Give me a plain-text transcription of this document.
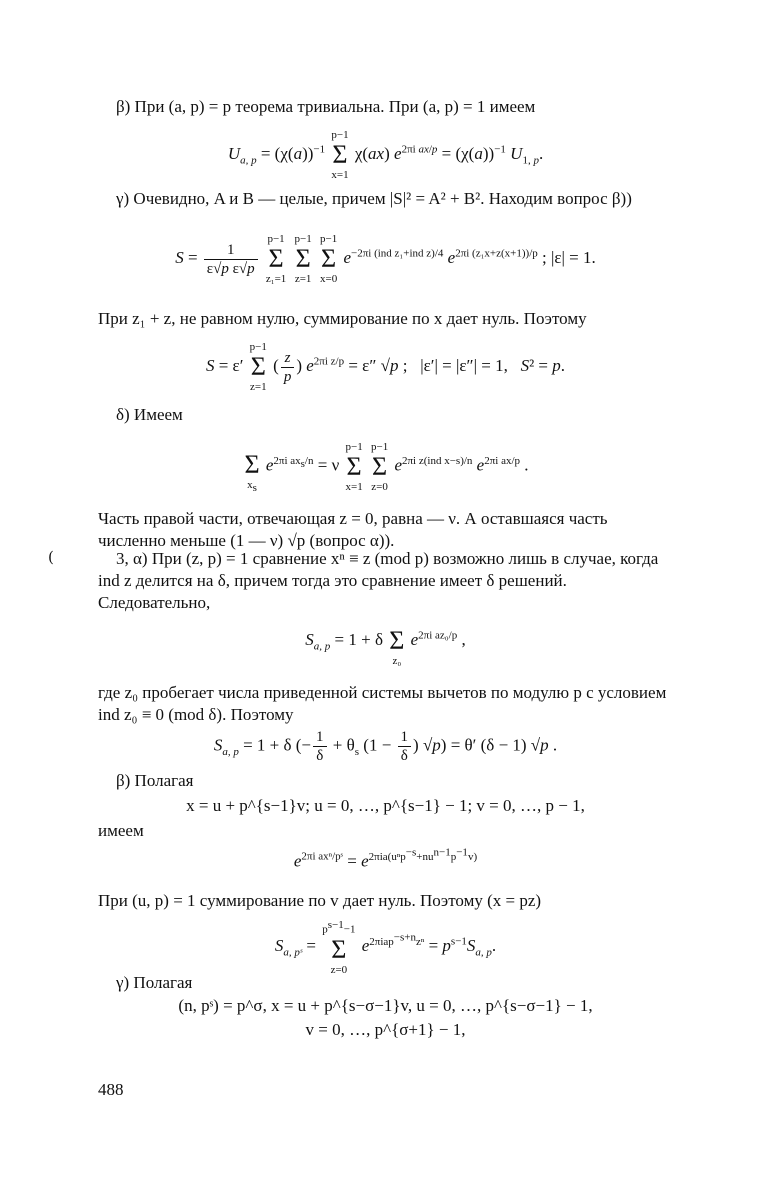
β) При (a, p) = p теорема тривиальна. При (a, p) = 1 имеем

$U_{a, p} = (\chi(a))^{-1}$
p−1
Σ
x=1
χ(ax) $e^{2\pi i ax/p} = (\chi(a))^{-1}$ $U_{1, p}$.

γ) Очевидно, A и B — целые, причем |S|² = A² + B². Находим вопрос β))

$S = \frac{1}{\text{ε√p ε√p}}$

p−1
Σ
z₁=1

p−1
Σ
z=1

p−1
Σ
x=0
$e^{-2\pi i (ind z_1+ind z)/4}$ $e^{2\pi i (z_1x+z(x+1))/p}$ ; |ε| = 1.

При z₁ + z, не равном нулю, суммирование по x дает нуль. Поэтому

S = ε′
p−1
Σ
z=1
( $\frac{z}{p}$ ) $e^{2\pi i z/p} = \varepsilon''$ √p ;   |ε′| = |ε″| = 1,   S² = p.

δ) Имеем

Σ
$x_s$
$e^{2\pi i ax_s/n} = \nu$
p−1
Σ
x=1

p−1
Σ
z=0
$e^{2\pi i z(ind x-s)/n}$ $e^{2\pi i ax/p}$ .

Часть правой части, отвечающая z = 0, равна — ν. А оставшаяся часть численно меньше (1 — ν) √p (вопрос α)).

(	3, α) При (z, p) = 1 сравнение xⁿ ≡ z (mod p) возможно лишь в случае, когда ind z делится на δ, причем тогда это сравнение имеет δ решений. Следовательно,

$S_{a, p} = 1 + \delta$
Σ
z₀
$e^{2\pi i az_0/p}$ ,

где z₀ пробегает числа приведенной системы вычетов по модулю p с условием ind z₀ ≡ 0 (mod δ). Поэтому

$S_{a, p} = 1 + \delta$ (− $\frac{1}{\delta} + \theta_s$ ($1 - \frac{1}{\delta}$ ) √p) = θ′ (δ − 1) √p .

β) Полагая

x = u + p^{s−1}v; u = 0, …, p^{s−1} − 1; v = 0, …, p − 1,

имеем

$e^{2\pi i ax^n/pˢ} = e^{2\pi ia(u^np^{-s}+nu^{n-1}p^{-1}v)}$

При (u, p) = 1 суммирование по v дает нуль. Поэтому (x = pz)

$S_{a, pˢ}$ =
$p^{s-1}-1$
Σ
z=0
$e^{2\pi iap^{-s+n}z^n} = p^{s-1}S_{a, p}$.

γ) Полагая

(n, pˢ) = p^σ, x = u + p^{s−σ−1}v, u = 0, …, p^{s−σ−1} − 1,
v = 0, …, p^{σ+1} − 1,
488
